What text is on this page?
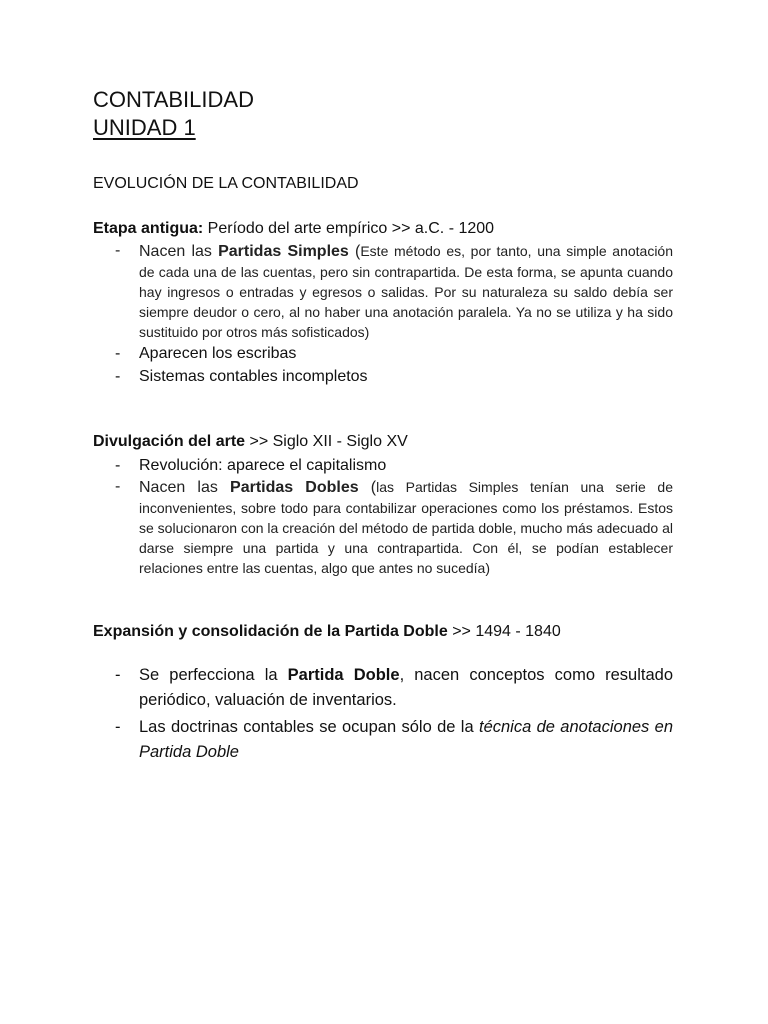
CONTABILIDAD
UNIDAD 1

EVOLUCIÓN DE LA CONTABILIDAD

Etapa antigua: Período del arte empírico >> a.C. - 1200

- Nacen las Partidas Simples (Este método es, por tanto, una simple anotación de cada una de las cuentas, pero sin contrapartida. De esta forma, se apunta cuando hay ingresos o entradas y egresos o salidas. Por su naturaleza su saldo debía ser siempre deudor o cero, al no haber una anotación paralela. Ya no se utiliza y ha sido sustituido por otros más sofisticados)
- Aparecen los escribas
- Sistemas contables incompletos

Divulgación del arte >> Siglo XII - Siglo XV

- Revolución: aparece el capitalismo
- Nacen las Partidas Dobles (las Partidas Simples tenían una serie de inconvenientes, sobre todo para contabilizar operaciones como los préstamos. Estos se solucionaron con la creación del método de partida doble, mucho más adecuado al darse siempre una partida y una contrapartida. Con él, se podían establecer relaciones entre las cuentas, algo que antes no sucedía)

Expansión y consolidación de la Partida Doble >> 1494 - 1840

- Se perfecciona la Partida Doble, nacen conceptos como resultado periódico, valuación de inventarios.
- Las doctrinas contables se ocupan sólo de la técnica de anotaciones en Partida Doble
